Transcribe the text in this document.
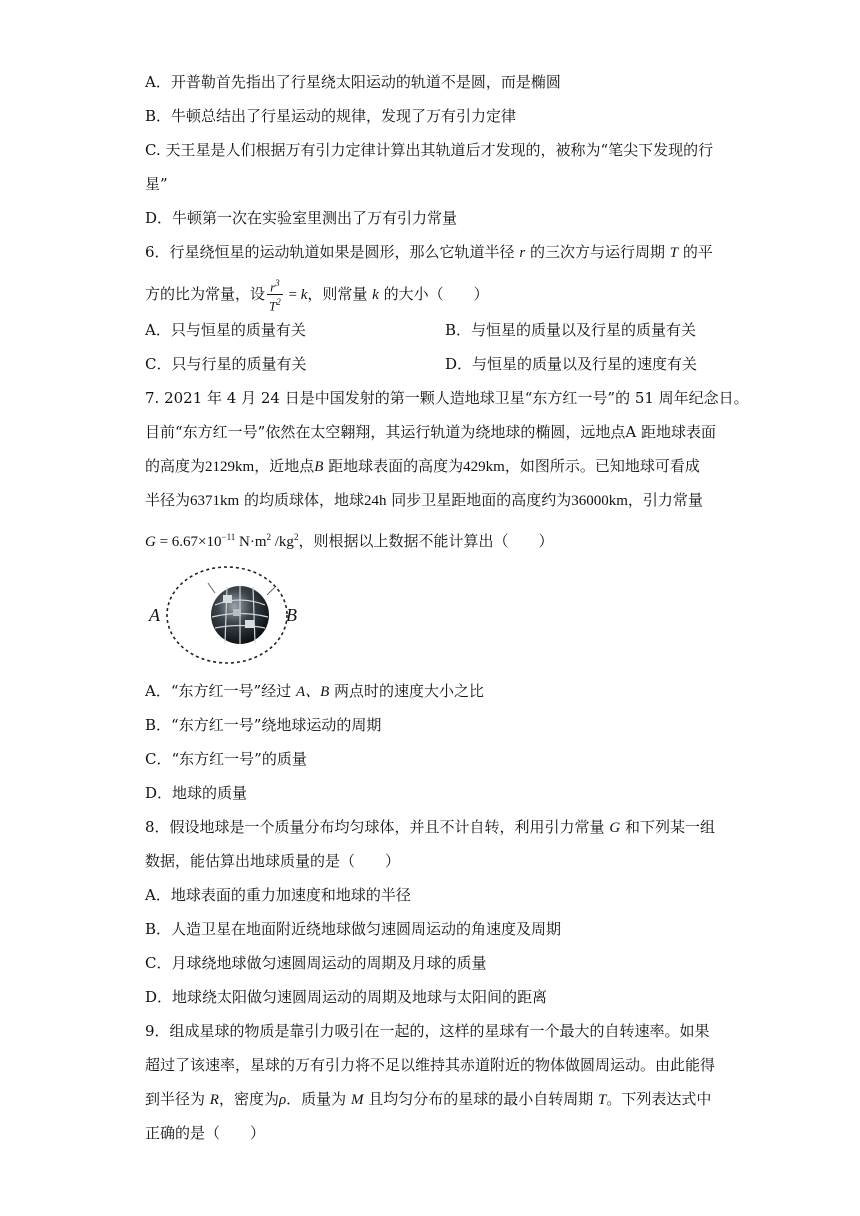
A．开普勒首先指出了行星绕太阳运动的轨道不是圆，而是椭圆
B．牛顿总结出了行星运动的规律，发现了万有引力定律
C. 天王星是人们根据万有引力定律计算出其轨道后才发现的，被称为“笔尖下发现的行
星”
D．牛顿第一次在实验室里测出了万有引力常量
6．行星绕恒星的运动轨道如果是圆形，那么它轨道半径 r 的三次方与运行周期 T 的平
方的比为常量，设 $\frac{r^3}{T^2} = k$，则常量 k 的大小（　　）
A．只与恒星的质量有关	B．与恒星的质量以及行星的质量有关
C．只与行星的质量有关	D．与恒星的质量以及行星的速度有关
7. 2021 年 4 月 24 日是中国发射的第一颗人造地球卫星“东方红一号”的 51 周年纪念日。
目前“东方红一号”依然在太空翱翔，其运行轨道为绕地球的椭圆，远地点A 距地球表面
的高度为2129km，近地点B 距地球表面的高度为429km，如图所示。已知地球可看成
半径为6371km 的均质球体，地球24h 同步卫星距地面的高度约为36000km，引力常量
$G = 6.67\times 10^{-11}$ $N\cdot m^2$ $/kg^2$，则根据以上数据不能计算出（　　）
A	B
A．“东方红一号”经过 A、B 两点时的速度大小之比
B．“东方红一号”绕地球运动的周期
C．“东方红一号”的质量
D．地球的质量
8．假设地球是一个质量分布均匀球体，并且不计自转，利用引力常量 G 和下列某一组
数据，能估算出地球质量的是（　　）
A．地球表面的重力加速度和地球的半径
B．人造卫星在地面附近绕地球做匀速圆周运动的角速度及周期
C．月球绕地球做匀速圆周运动的周期及月球的质量
D．地球绕太阳做匀速圆周运动的周期及地球与太阳间的距离
9．组成星球的物质是靠引力吸引在一起的，这样的星球有一个最大的自转速率。如果
超过了该速率，星球的万有引力将不足以维持其赤道附近的物体做圆周运动。由此能得
到半径为 R，密度为ρ．质量为 M 且均匀分布的星球的最小自转周期 T。下列表达式中
正确的是（　　）
